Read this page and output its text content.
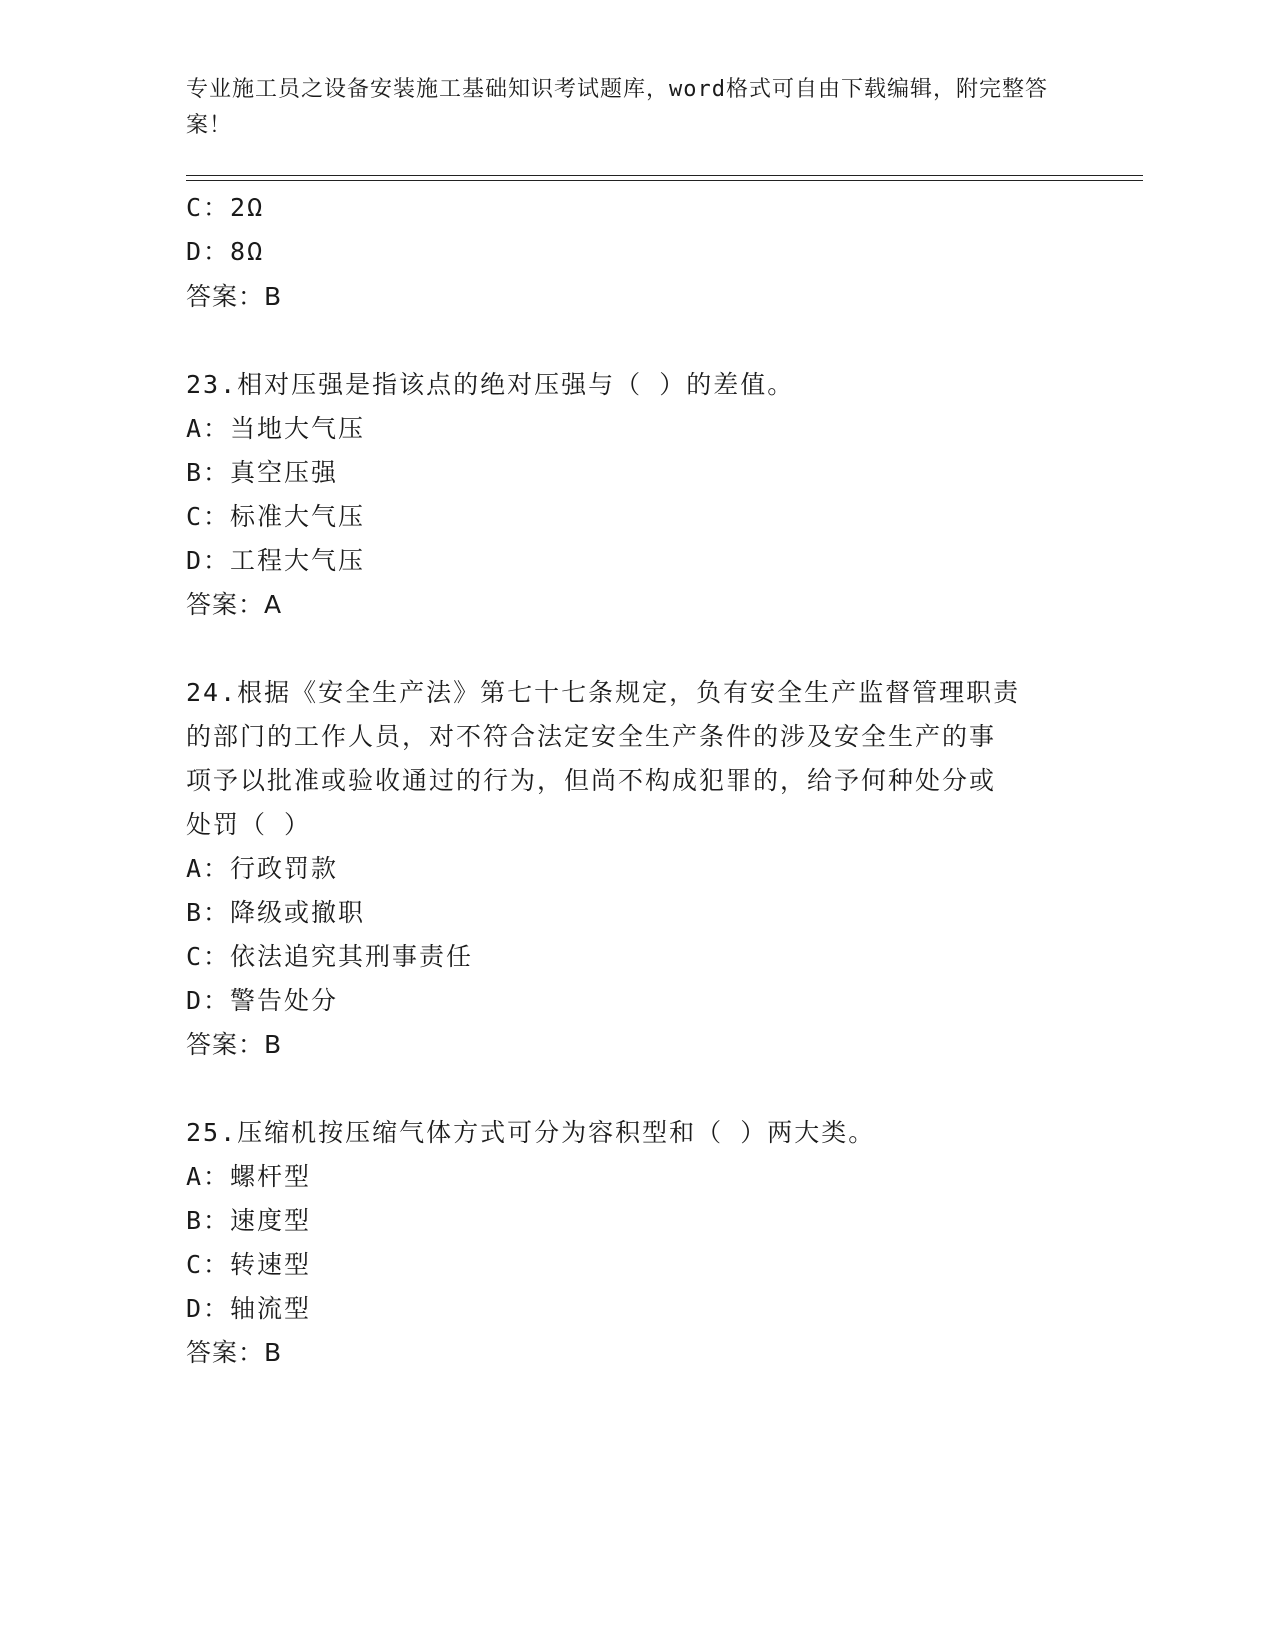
专业施工员之设备安装施工基础知识考试题库，word格式可自由下载编辑，附完整答案！
C：2Ω
D：8Ω
答案：B
23.相对压强是指该点的绝对压强与（ ）的差值。
A：当地大气压
B：真空压强
C：标准大气压
D：工程大气压
答案：A
24.根据《安全生产法》第七十七条规定，负有安全生产监督管理职责
的部门的工作人员，对不符合法定安全生产条件的涉及安全生产的事
项予以批准或验收通过的行为，但尚不构成犯罪的，给予何种处分或
处罚（ ）
A：行政罚款
B：降级或撤职
C：依法追究其刑事责任
D：警告处分
答案：B
25.压缩机按压缩气体方式可分为容积型和（ ）两大类。
A：螺杆型
B：速度型
C：转速型
D：轴流型
答案：B
